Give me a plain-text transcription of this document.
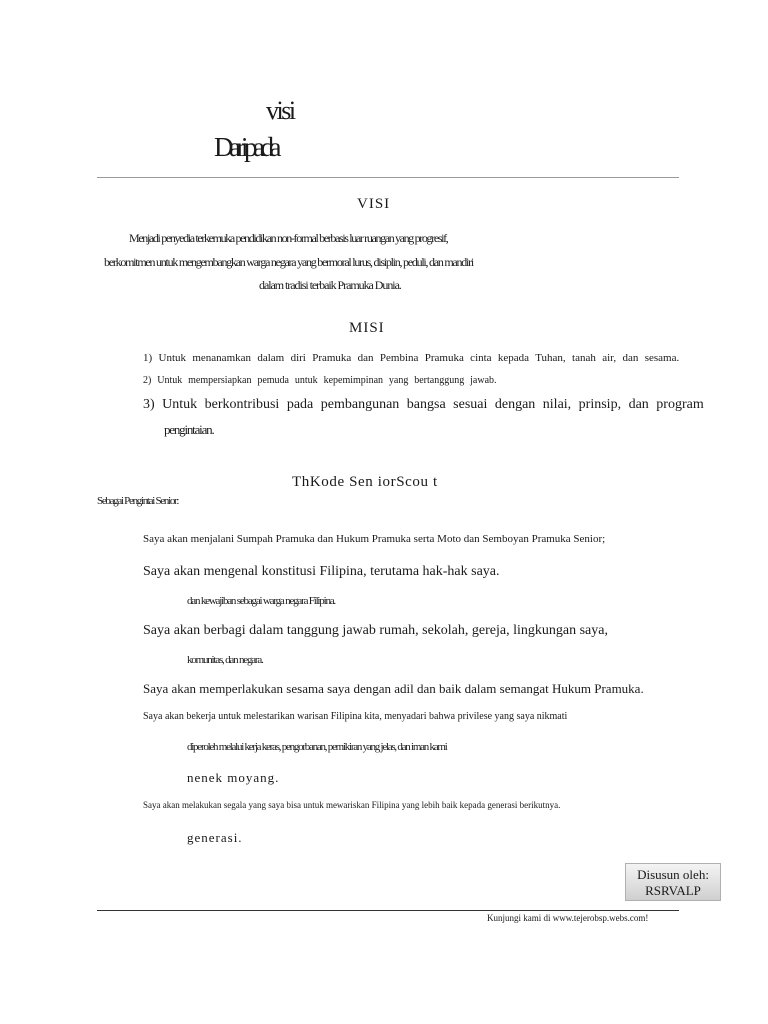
visi
Daripada
VISI
Menjadi penyedia terkemuka pendidikan non-formal berbasis luar ruangan yang progresif,
berkomitmen untuk mengembangkan warga negara yang bermoral lurus, disiplin, peduli, dan mandiri
dalam tradisi terbaik Pramuka Dunia.
MISI
1) Untuk menanamkan dalam diri Pramuka dan Pembina Pramuka cinta kepada Tuhan, tanah air, dan sesama.
2) Untuk mempersiapkan pemuda untuk kepemimpinan yang bertanggung jawab.
3) Untuk berkontribusi pada pembangunan bangsa sesuai dengan nilai, prinsip, dan program
pengintaian.
ThKode Sen iorScou t
Sebagai Pengintai Senior:
Saya akan menjalani Sumpah Pramuka dan Hukum Pramuka serta Moto dan Semboyan Pramuka Senior;
Saya akan mengenal konstitusi Filipina, terutama hak-hak saya.
dan kewajiban sebagai warga negara Filipina.
Saya akan berbagi dalam tanggung jawab rumah, sekolah, gereja, lingkungan saya,
komunitas, dan negara.
Saya akan memperlakukan sesama saya dengan adil dan baik dalam semangat Hukum Pramuka.
Saya akan bekerja untuk melestarikan warisan Filipina kita, menyadari bahwa privilese yang saya nikmati
diperoleh melalui kerja keras, pengorbanan, pemikiran yang jelas, dan iman kami
nenek moyang.
Saya akan melakukan segala yang saya bisa untuk mewariskan Filipina yang lebih baik kepada generasi berikutnya.
generasi.
Disusun oleh:
RSRVALP
Kunjungi kami di www.tejerobsp.webs.com!
